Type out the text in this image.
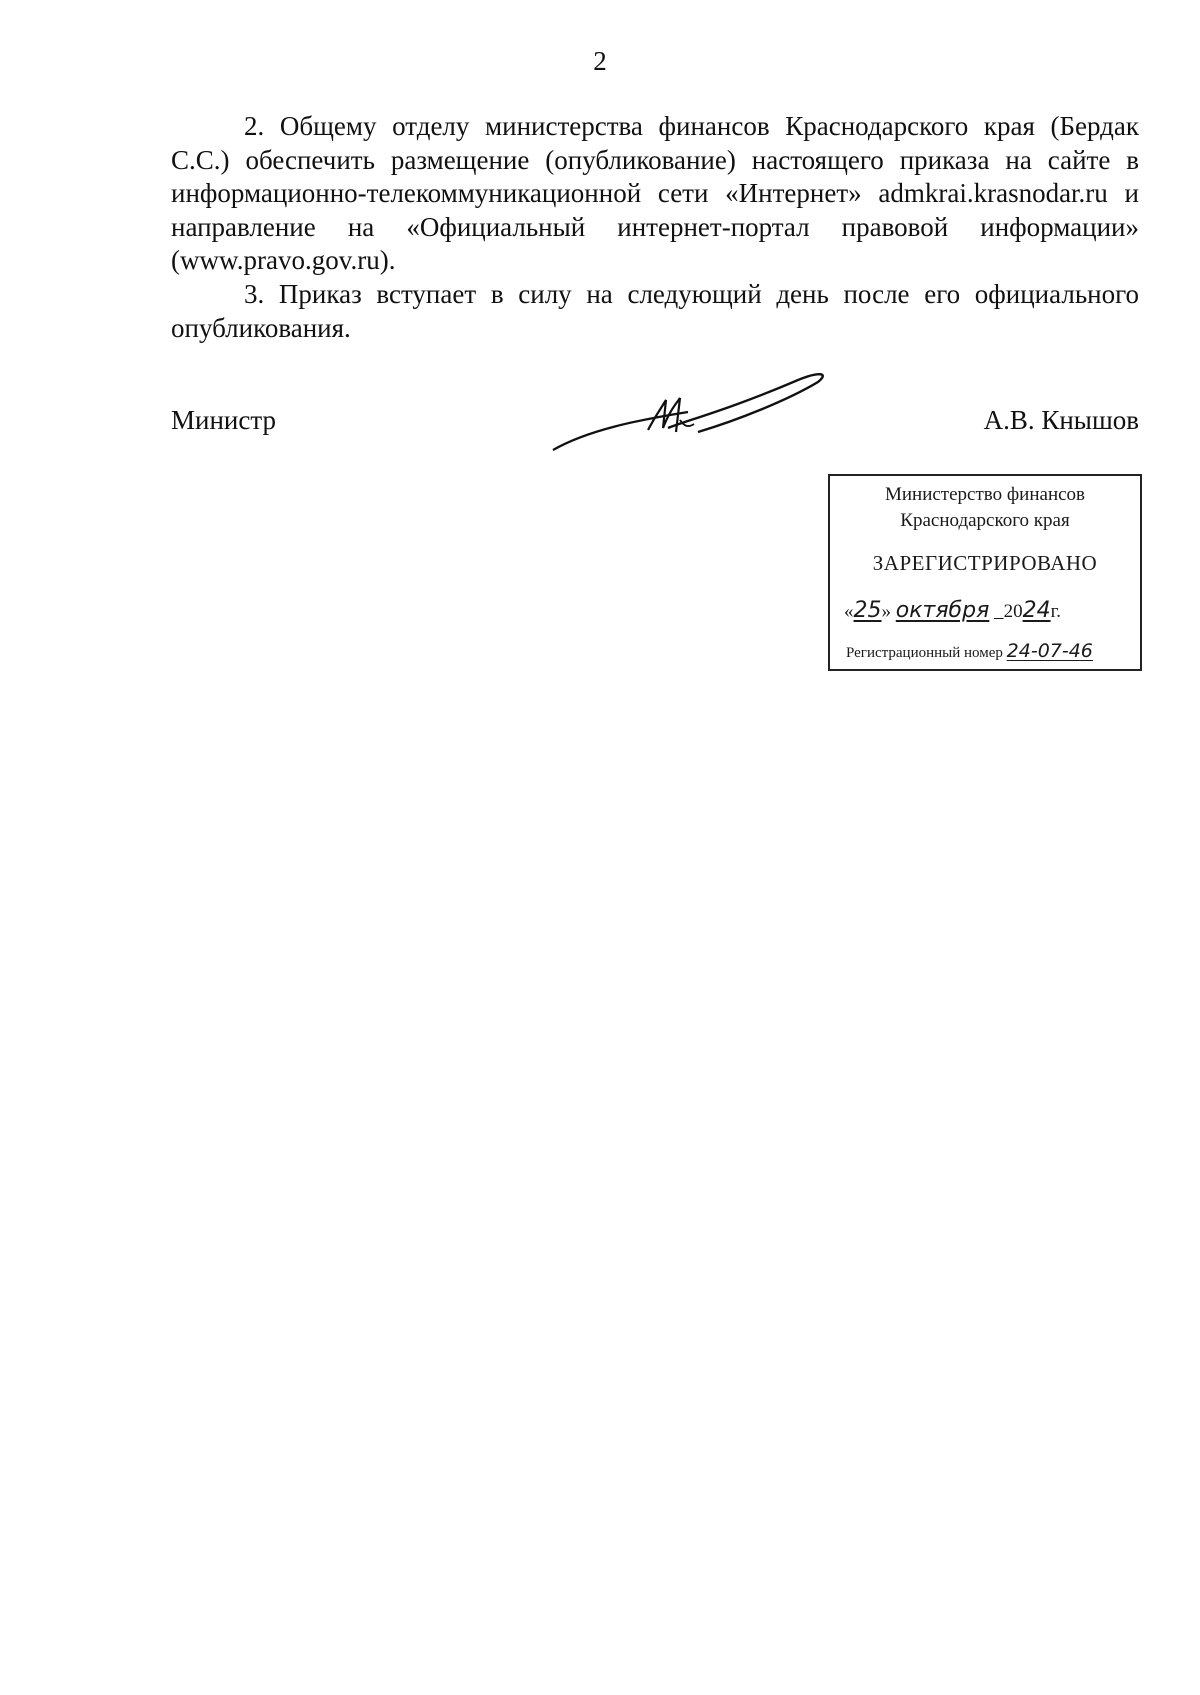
2

2. Общему отделу министерства финансов Краснодарского края (Бердак С.С.) обеспечить размещение (опубликование) настоящего приказа на сайте в информационно-телекоммуникационной сети «Интернет» admkrai.krasnodar.ru и направление на «Официальный интернет-портал правовой информации» (www.pravo.gov.ru).

3. Приказ вступает в силу на следующий день после его официального опубликования.

Министр	А.В. Кнышов
Министерство финансов
Краснодарского края
ЗАРЕГИСТРИРОВАНО
«25» октября 2024г.
Регистрационный номер 24-07-46
